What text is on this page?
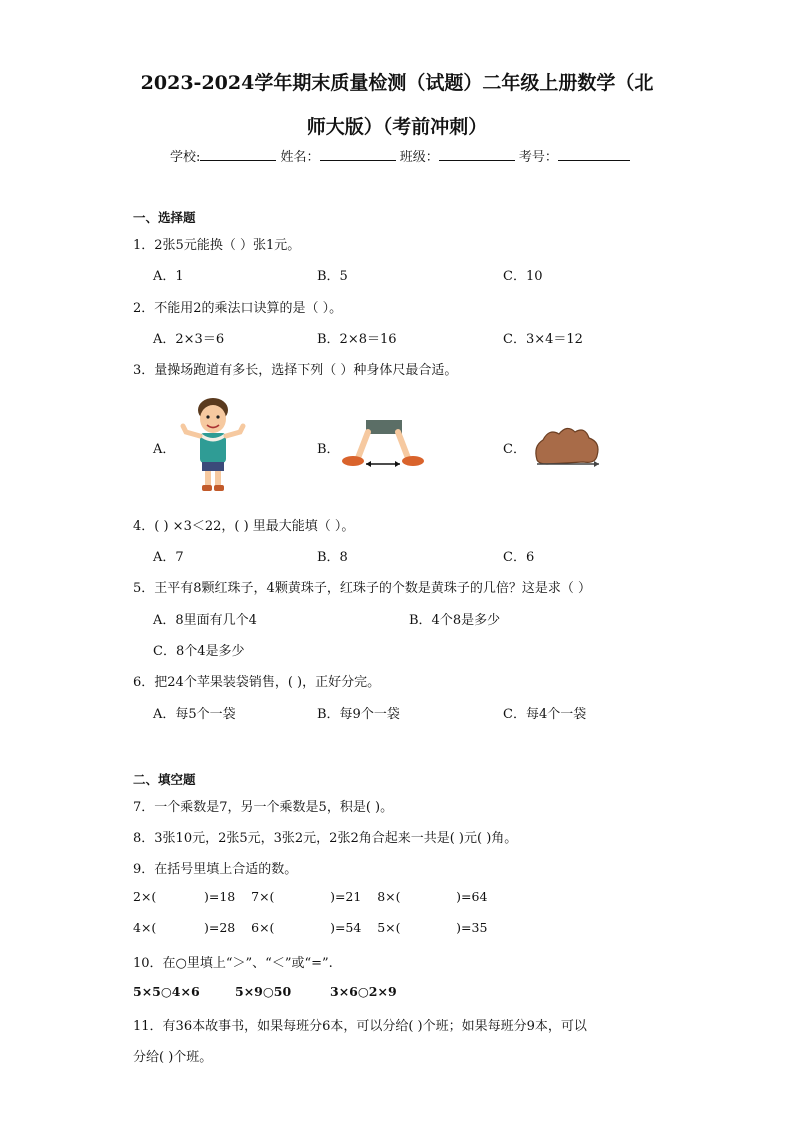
2023-2024学年期末质量检测（试题）二年级上册数学（北
师大版）（考前冲刺）
学校:	姓名：	班级：	考号：
一、选择题
1．2张5元能换（ ）张1元。
A．1	B．5	C．10
2．不能用2的乘法口诀算的是（ ）。
A．2×3＝6	B．2×8＝16	C．3×4＝12
3．量操场跑道有多长，选择下列（ ）种身体尺最合适。
A．	B．	C．
4．( ) ×3＜22，( ) 里最大能填（ ）。
A．7	B．8	C．6
5．王平有8颗红珠子，4颗黄珠子，红珠子的个数是黄珠子的几倍？这是求（ ）
A．8里面有几个4	B．4个8是多少
C．8个4是多少
6．把24个苹果装袋销售，( )，正好分完。
A．每5个一袋	B．每9个一袋	C．每4个一袋
二、填空题
7．一个乘数是7，另一个乘数是5，积是( )。
8．3张10元，2张5元，3张2元，2张2角合起来一共是( )元( )角。
9．在括号里填上合适的数。
2×(            )=18    7×(              )=21    8×(              )=64
4×(            )=28    6×(              )=54    5×(              )=35
10．在○里填上“＞”、“＜”或“=”.
5×5○4×6	5×9○50	3×6○2×9
11．有36本故事书，如果每班分6本，可以分给( )个班；如果每班分9本，可以
分给( )个班。
